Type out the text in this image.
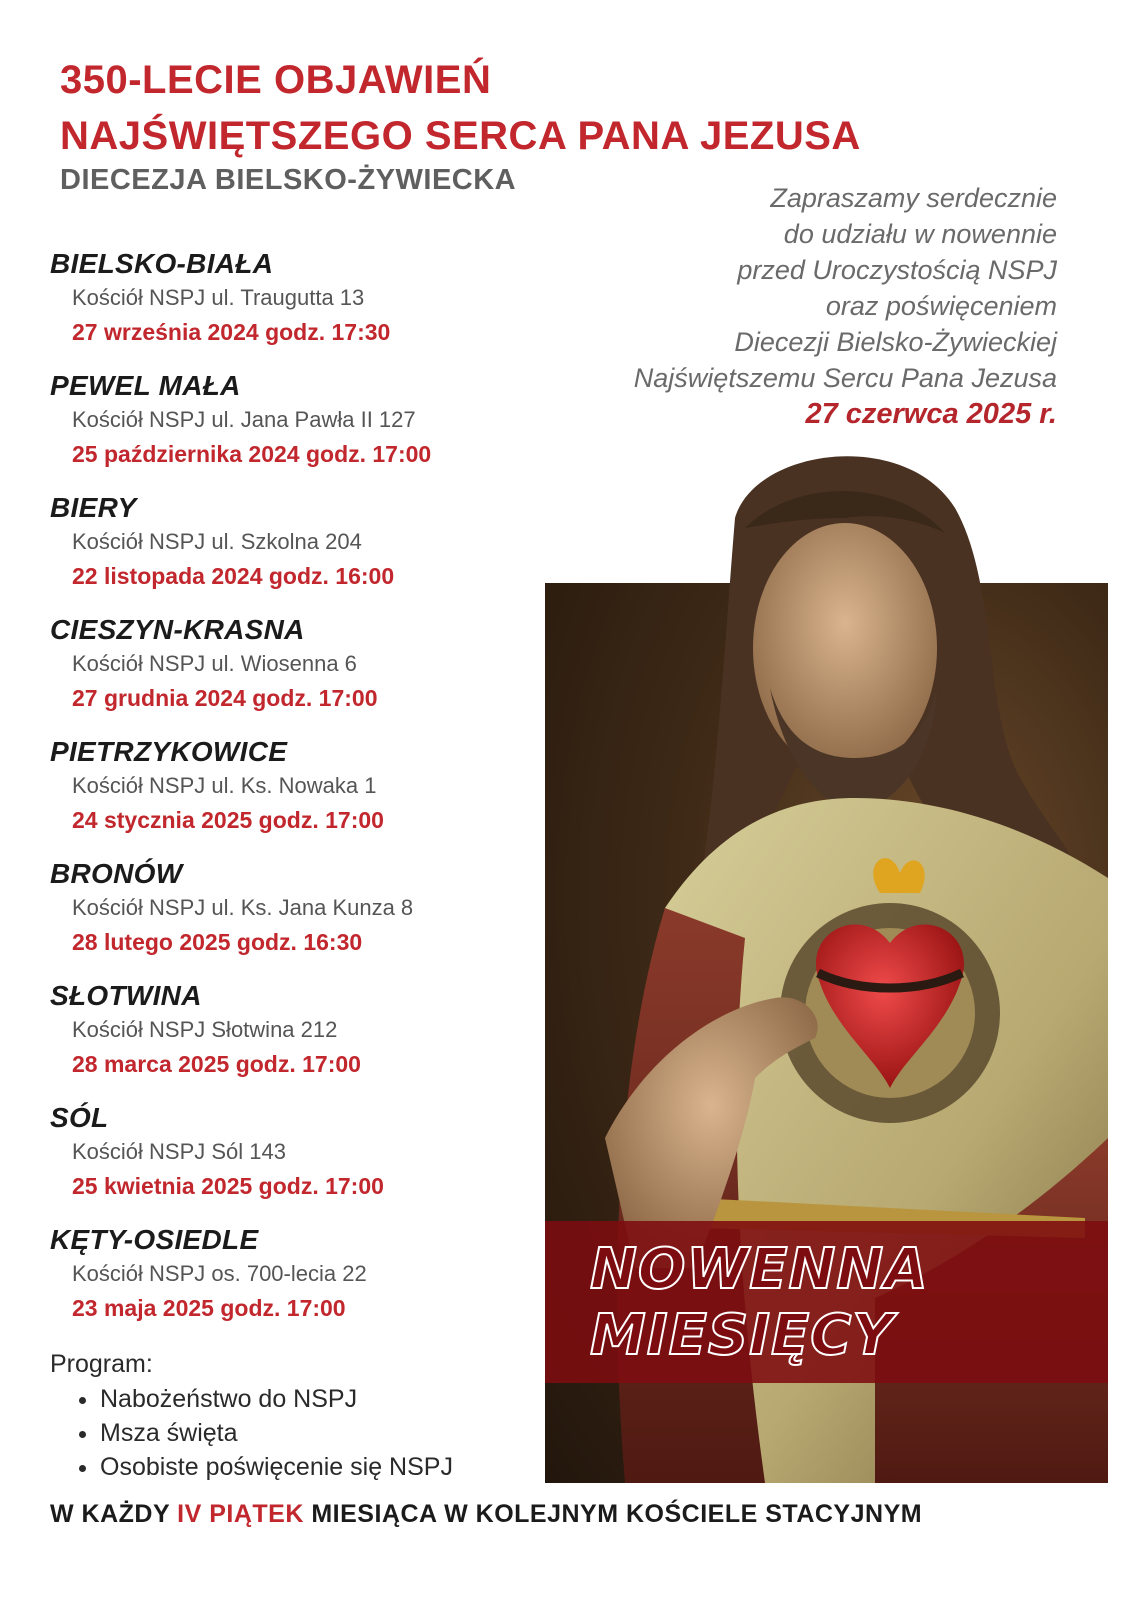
350-LECIE OBJAWIEŃ
NAJŚWIĘTSZEGO SERCA PANA JEZUSA
DIECEZJA BIELSKO-ŻYWIECKA
Zapraszamy serdecznie
do udziału w nowennie
przed Uroczystością NSPJ
oraz poświęceniem
Diecezji Bielsko-Żywieckiej
Najświętszemu Sercu Pana Jezusa
27 czerwca 2025 r.
BIELSKO-BIAŁA
Kościół NSPJ ul. Traugutta 13
27 września 2024 godz. 17:30
PEWEL MAŁA
Kościół NSPJ ul. Jana Pawła II 127
25 października 2024 godz. 17:00
BIERY
Kościół NSPJ ul. Szkolna 204
22 listopada 2024 godz. 16:00
CIESZYN-KRASNA
Kościół NSPJ ul. Wiosenna 6
27 grudnia 2024 godz. 17:00
PIETRZYKOWICE
Kościół NSPJ ul. Ks. Nowaka 1
24 stycznia 2025 godz. 17:00
BRONÓW
Kościół NSPJ ul. Ks. Jana Kunza 8
28 lutego 2025 godz. 16:30
SŁOTWINA
Kościół NSPJ Słotwina 212
28 marca 2025 godz. 17:00
SÓL
Kościół NSPJ Sól 143
25 kwietnia 2025 godz. 17:00
KĘTY-OSIEDLE
Kościół NSPJ os. 700-lecia 22
23 maja 2025 godz. 17:00
Program:
• Nabożeństwo do NSPJ
• Msza święta
• Osobiste poświęcenie się NSPJ
NOWENNA
MIESIĘCY
W KAŻDY IV PIĄTEK MIESIĄCA W KOLEJNYM KOŚCIELE STACYJNYM
